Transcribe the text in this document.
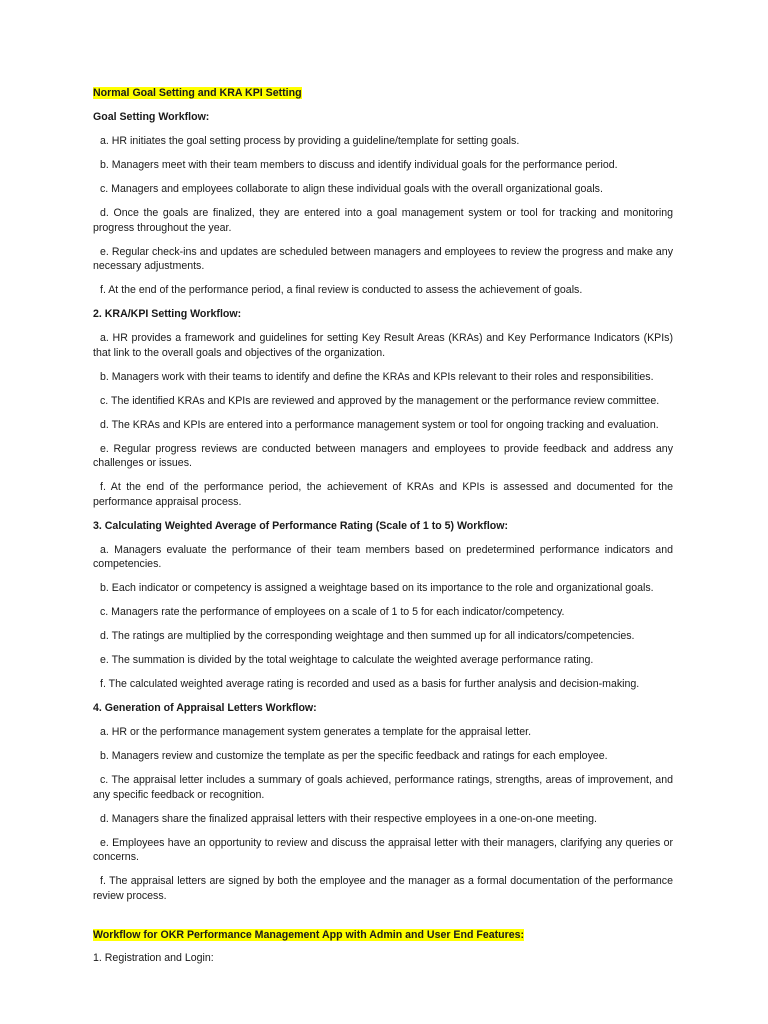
Normal Goal Setting and KRA KPI Setting

Goal Setting Workflow:

a. HR initiates the goal setting process by providing a guideline/template for setting goals.

b. Managers meet with their team members to discuss and identify individual goals for the performance period.

c. Managers and employees collaborate to align these individual goals with the overall organizational goals.

d. Once the goals are finalized, they are entered into a goal management system or tool for tracking and monitoring progress throughout the year.

e. Regular check-ins and updates are scheduled between managers and employees to review the progress and make any necessary adjustments.

f. At the end of the performance period, a final review is conducted to assess the achievement of goals.

2. KRA/KPI Setting Workflow:

a. HR provides a framework and guidelines for setting Key Result Areas (KRAs) and Key Performance Indicators (KPIs) that link to the overall goals and objectives of the organization.

b. Managers work with their teams to identify and define the KRAs and KPIs relevant to their roles and responsibilities.

c. The identified KRAs and KPIs are reviewed and approved by the management or the performance review committee.

d. The KRAs and KPIs are entered into a performance management system or tool for ongoing tracking and evaluation.

e. Regular progress reviews are conducted between managers and employees to provide feedback and address any challenges or issues.

f. At the end of the performance period, the achievement of KRAs and KPIs is assessed and documented for the performance appraisal process.

3. Calculating Weighted Average of Performance Rating (Scale of 1 to 5) Workflow:

a. Managers evaluate the performance of their team members based on predetermined performance indicators and competencies.

b. Each indicator or competency is assigned a weightage based on its importance to the role and organizational goals.

c. Managers rate the performance of employees on a scale of 1 to 5 for each indicator/competency.

d. The ratings are multiplied by the corresponding weightage and then summed up for all indicators/competencies.

e. The summation is divided by the total weightage to calculate the weighted average performance rating.

f. The calculated weighted average rating is recorded and used as a basis for further analysis and decision-making.

4. Generation of Appraisal Letters Workflow:

a. HR or the performance management system generates a template for the appraisal letter.

b. Managers review and customize the template as per the specific feedback and ratings for each employee.

c. The appraisal letter includes a summary of goals achieved, performance ratings, strengths, areas of improvement, and any specific feedback or recognition.

d. Managers share the finalized appraisal letters with their respective employees in a one-on-one meeting.

e. Employees have an opportunity to review and discuss the appraisal letter with their managers, clarifying any queries or concerns.

f. The appraisal letters are signed by both the employee and the manager as a formal documentation of the performance review process.

Workflow for OKR Performance Management App with Admin and User End Features:

1. Registration and Login:
